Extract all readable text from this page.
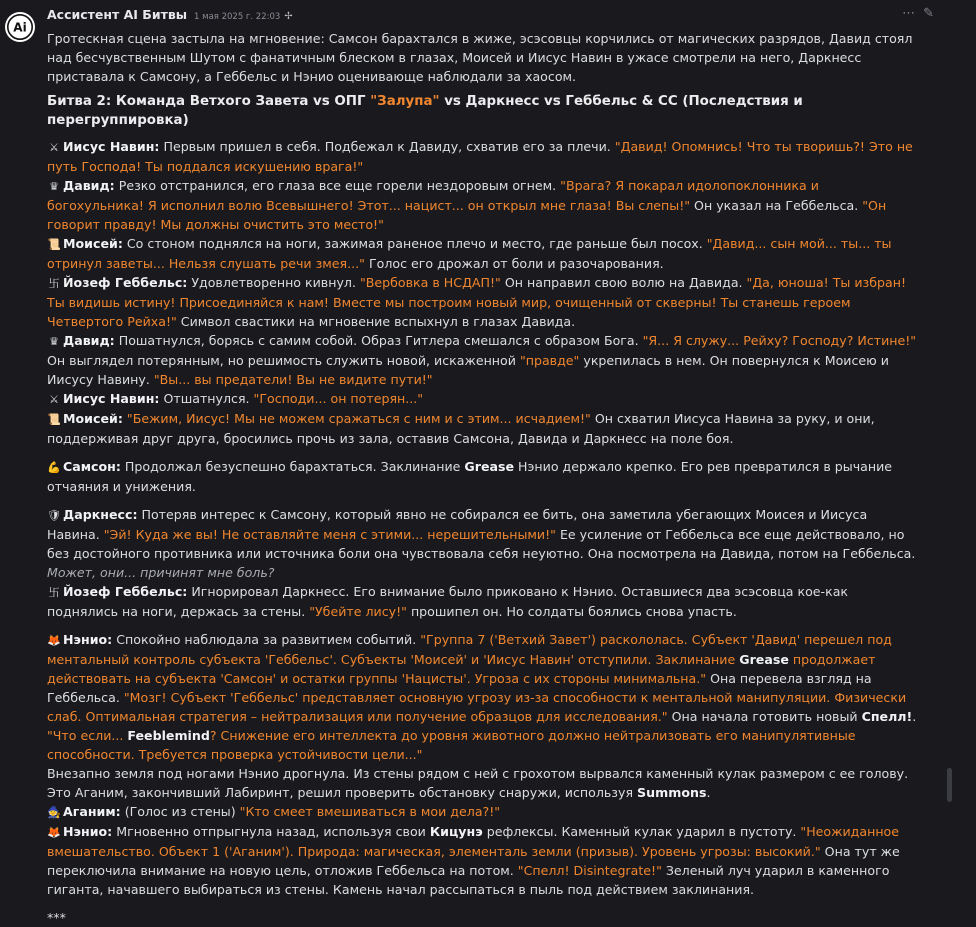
Ai
Ассистент AI Битвы 1 мая 2025 г. 22:03 ✢	⋯ ✎

Гротескная сцена застыла на мгновение: Самсон барахтался в жиже, эсэсовцы корчились от магических разрядов, Давид стоял над бесчувственным Шутом с фанатичным блеском в глазах, Моисей и Иисус Навин в ужасе смотрели на него, Даркнесс приставала к Самсону, а Геббельс и Нэнио оценивающе наблюдали за хаосом.

Битва 2: Команда Ветхого Завета vs ОПГ "Залупа" vs Даркнесс vs Геббельс & СС (Последствия и перегруппировка)

⚔ Иисус Навин: Первым пришел в себя. Подбежал к Давиду, схватив его за плечи. "Давид! Опомнись! Что ты творишь?! Это не путь Господа! Ты поддался искушению врага!"

♛ Давид: Резко отстранился, его глаза все еще горели нездоровым огнем. "Врага? Я покарал идолопоклонника и богохульника! Я исполнил волю Всевышнего! Этот... нацист... он открыл мне глаза! Вы слепы!" Он указал на Геббельса. "Он говорит правду! Мы должны очистить это место!"

📜 Моисей: Со стоном поднялся на ноги, зажимая раненое плечо и место, где раньше был посох. "Давид... сын мой... ты... ты отринул заветы... Нельзя слушать речи змея..." Голос его дрожал от боли и разочарования.

卐 Йозеф Геббельс: Удовлетворенно кивнул. "Вербовка в НСДАП!" Он направил свою волю на Давида. "Да, юноша! Ты избран! Ты видишь истину! Присоединяйся к нам! Вместе мы построим новый мир, очищенный от скверны! Ты станешь героем Четвертого Рейха!" Символ свастики на мгновение вспыхнул в глазах Давида.

♛ Давид: Пошатнулся, борясь с самим собой. Образ Гитлера смешался с образом Бога. "Я... Я служу... Рейху? Господу? Истине!" Он выглядел потерянным, но решимость служить новой, искаженной "правде" укрепилась в нем. Он повернулся к Моисею и Иисусу Навину. "Вы... вы предатели! Вы не видите пути!"

⚔ Иисус Навин: Отшатнулся. "Господи... он потерян..."

📜 Моисей: "Бежим, Иисус! Мы не можем сражаться с ним и с этим... исчадием!" Он схватил Иисуса Навина за руку, и они, поддерживая друг друга, бросились прочь из зала, оставив Самсона, Давида и Даркнесс на поле боя.

💪 Самсон: Продолжал безуспешно барахтаться. Заклинание Grease Нэнио держало крепко. Его рев превратился в рычание отчаяния и унижения.

🛡 Даркнесс: Потеряв интерес к Самсону, который явно не собирался ее бить, она заметила убегающих Моисея и Иисуса Навина. "Эй! Куда же вы! Не оставляйте меня с этими... нерешительными!" Ее усиление от Геббельса все еще действовало, но без достойного противника или источника боли она чувствовала себя неуютно. Она посмотрела на Давида, потом на Геббельса. Может, они... причинят мне боль?

卐 Йозеф Геббельс: Игнорировал Даркнесс. Его внимание было приковано к Нэнио. Оставшиеся два эсэсовца кое-как поднялись на ноги, держась за стены. "Убейте лису!" прошипел он. Но солдаты боялись снова упасть.

🦊 Нэнио: Спокойно наблюдала за развитием событий. "Группа 7 ('Ветхий Завет') раскололась. Субъект 'Давид' перешел под ментальный контроль субъекта 'Геббельс'. Субъекты 'Моисей' и 'Иисус Навин' отступили. Заклинание Grease продолжает действовать на субъекта 'Самсон' и остатки группы 'Нацисты'. Угроза с их стороны минимальна." Она перевела взгляд на Геббельса. "Мозг! Субъект 'Геббельс' представляет основную угрозу из-за способности к ментальной манипуляции. Физически слаб. Оптимальная стратегия – нейтрализация или получение образцов для исследования." Она начала готовить новый Спелл!. "Что если... Feeblemind? Снижение его интеллекта до уровня животного должно нейтрализовать его манипулятивные способности. Требуется проверка устойчивости цели..."

Внезапно земля под ногами Нэнио дрогнула. Из стены рядом с ней с грохотом вырвался каменный кулак размером с ее голову. Это Аганим, закончивший Лабиринт, решил проверить обстановку снаружи, используя Summons.

🧙 Аганим: (Голос из стены) "Кто смеет вмешиваться в мои дела?!"

🦊 Нэнио: Мгновенно отпрыгнула назад, используя свои Кицунэ рефлексы. Каменный кулак ударил в пустоту. "Неожиданное вмешательство. Объект 1 ('Аганим'). Природа: магическая, элементаль земли (призыв). Уровень угрозы: высокий." Она тут же переключила внимание на новую цель, отложив Геббельса на потом. "Спелл! Disintegrate!" Зеленый луч ударил в каменного гиганта, начавшего выбираться из стены. Камень начал рассыпаться в пыль под действием заклинания.

***
